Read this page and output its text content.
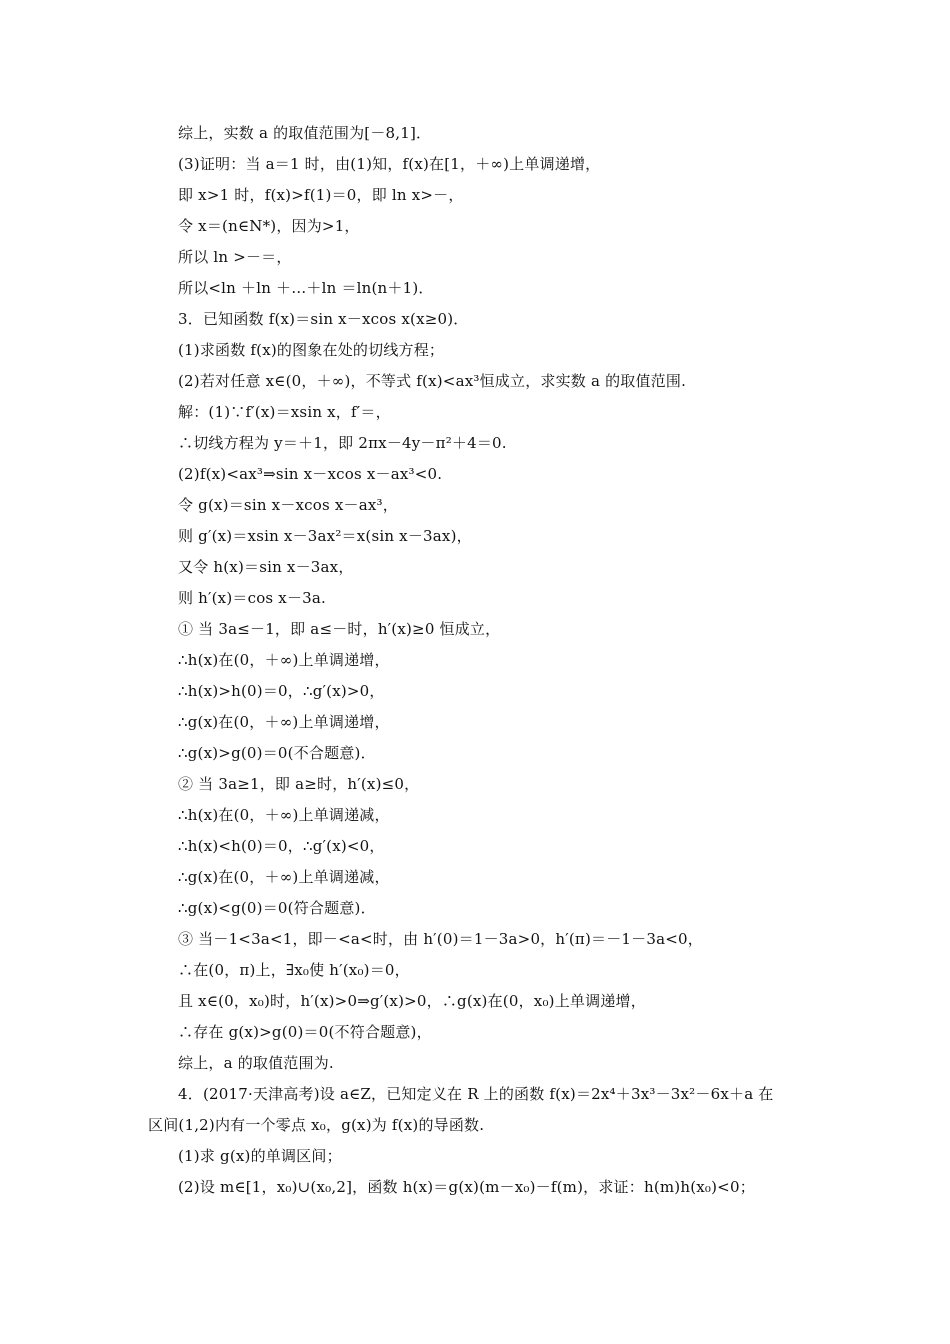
综上，实数 a 的取值范围为[－8,1]．
(3)证明：当 a＝1 时，由(1)知，f(x)在[1，＋∞)上单调递增，
即 x>1 时，f(x)>f(1)＝0，即 ln x>－，
令 x＝(n∈N*)，因为>1，
所以 ln >－＝，
所以<ln ＋ln ＋…＋ln ＝ln(n＋1)．
3．已知函数 f(x)＝sin x－xcos x(x≥0)．
(1)求函数 f(x)的图象在处的切线方程；
(2)若对任意 x∈(0，＋∞)，不等式 f(x)<ax³恒成立，求实数 a 的取值范围.
解：(1)∵f′(x)＝xsin x，f′＝，
∴切线方程为 y＝＋1，即 2πx－4y－π²＋4＝0.
(2)f(x)<ax³⇒sin x－xcos x－ax³<0.
令 g(x)＝sin x－xcos x－ax³，
则 g′(x)＝xsin x－3ax²＝x(sin x－3ax)，
又令 h(x)＝sin x－3ax，
则 h′(x)＝cos x－3a.
① 当 3a≤－1，即 a≤－时，h′(x)≥0 恒成立，
∴h(x)在(0，＋∞)上单调递增，
∴h(x)>h(0)＝0，∴g′(x)>0，
∴g(x)在(0，＋∞)上单调递增，
∴g(x)>g(0)＝0(不合题意)．
② 当 3a≥1，即 a≥时，h′(x)≤0，
∴h(x)在(0，＋∞)上单调递减，
∴h(x)<h(0)＝0，∴g′(x)<0，
∴g(x)在(0，＋∞)上单调递减，
∴g(x)<g(0)＝0(符合题意)．
③ 当－1<3a<1，即－<a<时，由 h′(0)＝1－3a>0，h′(π)＝－1－3a<0，
∴在(0，π)上，∃x₀使 h′(x₀)＝0，
且 x∈(0，x₀)时，h′(x)>0⇒g′(x)>0，∴g(x)在(0，x₀)上单调递增，
∴存在 g(x)>g(0)＝0(不符合题意)，
综上，a 的取值范围为.
4．(2017·天津高考)设 a∈Z，已知定义在 R 上的函数 f(x)＝2x⁴＋3x³－3x²－6x＋a 在
区间(1,2)内有一个零点 x₀，g(x)为 f(x)的导函数.
(1)求 g(x)的单调区间；
(2)设 m∈[1，x₀)∪(x₀,2]，函数 h(x)＝g(x)(m－x₀)－f(m)，求证：h(m)h(x₀)<0；
